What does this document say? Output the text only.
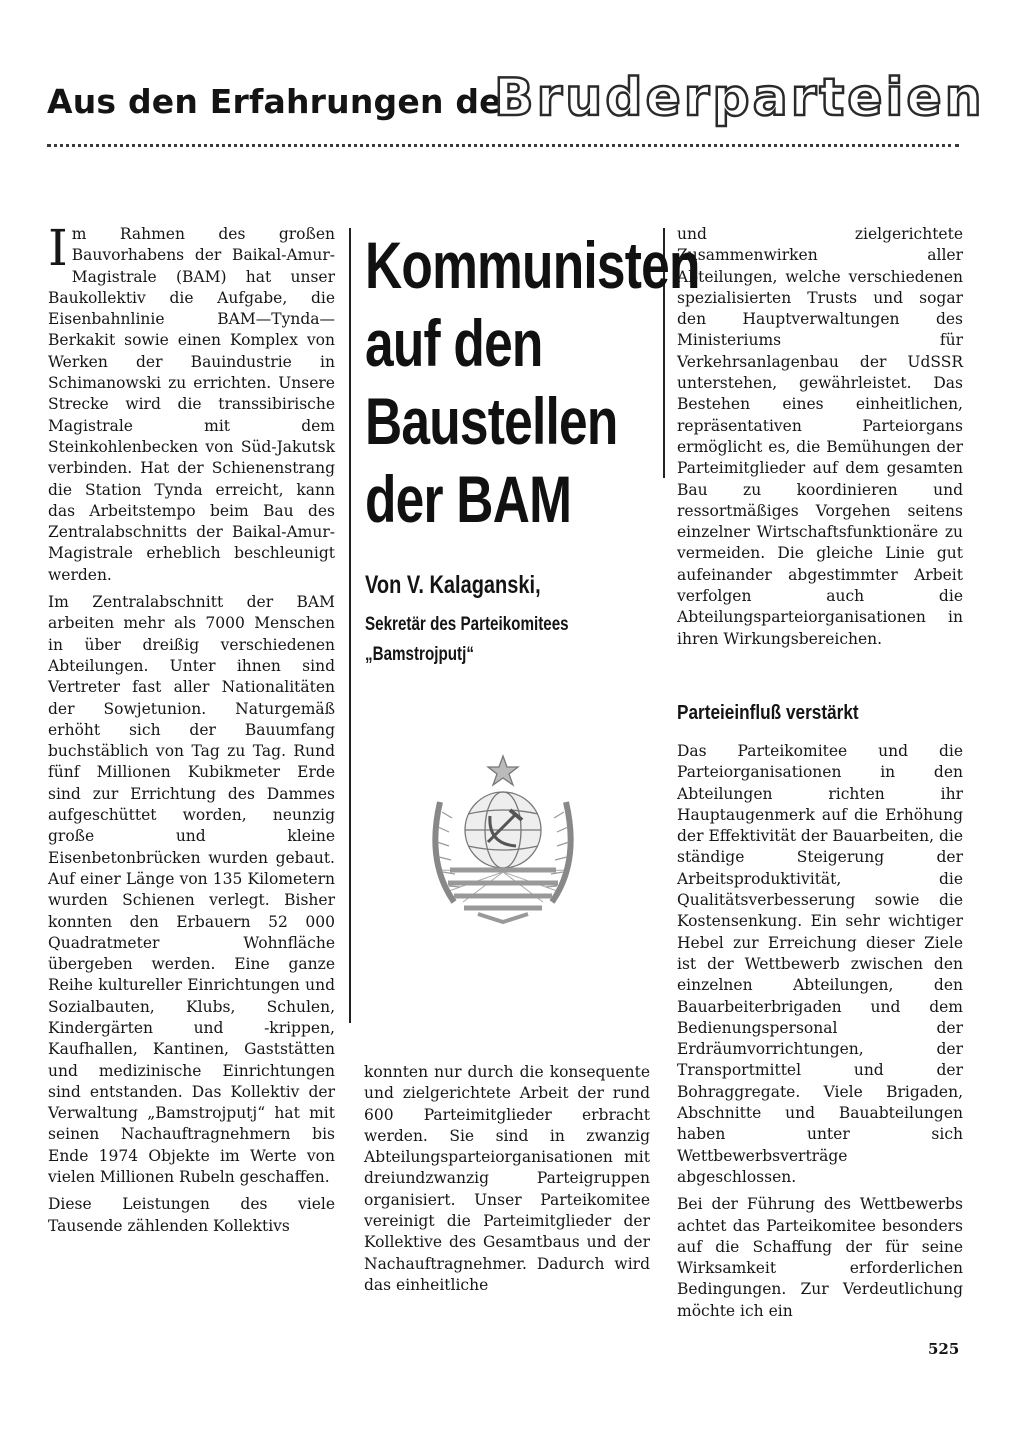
Aus den Erfahrungen der
Bruderparteien

Im Rahmen des großen Bauvorhabens der Baikal-Amur-Magistrale (BAM) hat unser Baukollektiv die Aufgabe, die Eisenbahnlinie BAM—Tynda—Berkakit sowie einen Komplex von Werken der Bauindustrie in Schimanowski zu errichten. Unsere Strecke wird die transsibirische Magistrale mit dem Steinkohlenbecken von Süd-Jakutsk verbinden. Hat der Schienenstrang die Station Tynda erreicht, kann das Arbeitstempo beim Bau des Zentralabschnitts der Baikal-Amur-Magistrale erheblich beschleunigt werden.

Im Zentralabschnitt der BAM arbeiten mehr als 7000 Menschen in über dreißig verschiedenen Abteilungen. Unter ihnen sind Vertreter fast aller Nationalitäten der Sowjetunion. Naturgemäß erhöht sich der Bauumfang buchstäblich von Tag zu Tag. Rund fünf Millionen Kubikmeter Erde sind zur Errichtung des Dammes aufgeschüttet worden, neunzig große und kleine Eisenbetonbrücken wurden gebaut. Auf einer Länge von 135 Kilometern wurden Schienen verlegt. Bisher konnten den Erbauern 52 000 Quadratmeter Wohnfläche übergeben werden. Eine ganze Reihe kultureller Einrichtungen und Sozialbauten, Klubs, Schulen, Kindergärten und -krippen, Kaufhallen, Kantinen, Gaststätten und medizinische Einrichtungen sind entstanden. Das Kollektiv der Verwaltung „Bamstrojputj“ hat mit seinen Nachauftragnehmern bis Ende 1974 Objekte im Werte von vielen Millionen Rubeln geschaffen.

Diese Leistungen des viele Tausende zählenden Kollektivs

Kommunisten
auf den
Baustellen
der BAM
Von V. Kalaganski,
Sekretär des Parteikomitees
„Bamstrojputj“

konnten nur durch die konsequente und zielgerichtete Arbeit der rund 600 Parteimitglieder erbracht werden. Sie sind in zwanzig Abteilungsparteiorganisationen mit dreiundzwanzig Parteigruppen organisiert. Unser Parteikomitee vereinigt die Parteimitglieder der Kollektive des Gesamtbaus und der Nachauftragnehmer. Dadurch wird das einheitliche

und zielgerichtete Zusammenwirken aller Abteilungen, welche verschiedenen spezialisierten Trusts und sogar den Hauptverwaltungen des Ministeriums für Verkehrsanlagenbau der UdSSR unterstehen, gewährleistet. Das Bestehen eines einheitlichen, repräsentativen Parteiorgans ermöglicht es, die Bemühungen der Parteimitglieder auf dem gesamten Bau zu koordinieren und ressortmäßiges Vorgehen seitens einzelner Wirtschaftsfunktionäre zu vermeiden. Die gleiche Linie gut aufeinander abgestimmter Arbeit verfolgen auch die Abteilungsparteiorganisationen in ihren Wirkungsbereichen.

Parteieinfluß verstärkt

Das Parteikomitee und die Parteiorganisationen in den Abteilungen richten ihr Hauptaugenmerk auf die Erhöhung der Effektivität der Bauarbeiten, die ständige Steigerung der Arbeitsproduktivität, die Qualitätsverbesserung sowie die Kostensenkung. Ein sehr wichtiger Hebel zur Erreichung dieser Ziele ist der Wettbewerb zwischen den einzelnen Abteilungen, den Bauarbeiterbrigaden und dem Bedienungspersonal der Erdräumvorrichtungen, der Transportmittel und der Bohraggregate. Viele Brigaden, Abschnitte und Bauabteilungen haben unter sich Wettbewerbsverträge abgeschlossen.

Bei der Führung des Wettbewerbs achtet das Parteikomitee besonders auf die Schaffung der für seine Wirksamkeit erforderlichen Bedingungen. Zur Verdeutlichung möchte ich ein

525
